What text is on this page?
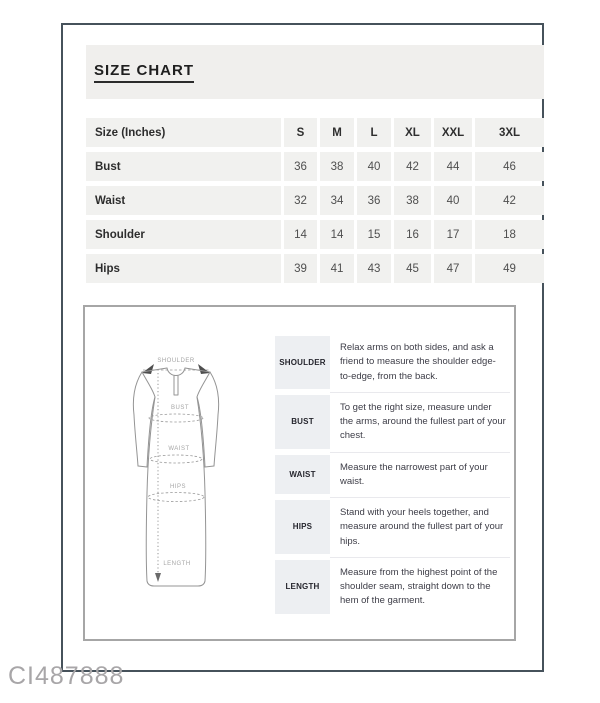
SIZE CHART
Size (Inches)	S	M	L	XL	XXL	3XL
Bust	36	38	40	42	44	46
Waist	32	34	36	38	40	42
Shoulder	14	14	15	16	17	18
Hips	39	41	43	45	47	49
SHOULDER
BUST
WAIST
HIPS
LENGTH
SHOULDER
Relax arms on both sides, and ask a friend to measure the shoulder edge-to-edge, from the back.
BUST
To get the right size, measure under the arms, around the fullest part of your chest.
WAIST
Measure the narrowest part of your waist.
HIPS
Stand with your heels together, and measure around the fullest part of your hips.
LENGTH
Measure from the highest point of the shoulder seam, straight down to the hem of the garment.
CI487888
